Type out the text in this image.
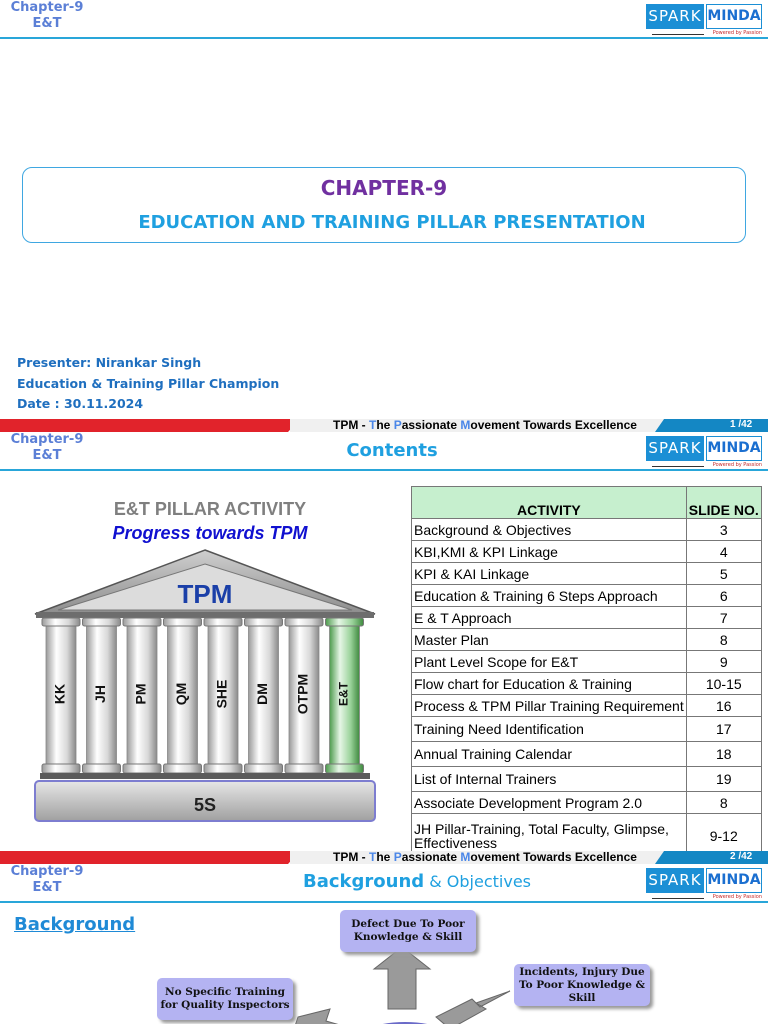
Chapter-9
E&T	SPARK MINDA
Powered by Passion
CHAPTER-9
EDUCATION AND TRAINING PILLAR PRESENTATION
Presenter: Nirankar Singh
Education & Training Pillar Champion
Date : 30.11.2024
TPM - The Passionate Movement Towards Excellence	1 /42
Chapter-9
E&T	SPARK MINDA
Powered by Passion
Contents
E&T PILLAR ACTIVITY
Progress towards TPM
KK JH PM QM SHE DM OTPM E&T
TPM
5S
ACTIVITY	SLIDE NO.
Background & Objectives	3
KBI,KMI & KPI Linkage	4
KPI & KAI Linkage	5
Education & Training 6 Steps Approach	6
E & T Approach	7
Master Plan	8
Plant Level Scope for E&T	9
Flow chart for Education & Training	10-15
Process & TPM Pillar Training Requirement	16
Training Need Identification	17
Annual Training Calendar	18
List of Internal Trainers	19
Associate Development Program 2.0	8
JH Pillar-Training, Total Faculty, Glimpse, Effectiveness	9-12
TPM - The Passionate Movement Towards Excellence	2 /42
Chapter-9
E&T	SPARK MINDA
Powered by Passion
Background & Objectives
Background	Defect Due To Poor Knowledge & Skill
Incidents, Injury Due To Poor Knowledge & Skill
No Specific Training for Quality Inspectors
